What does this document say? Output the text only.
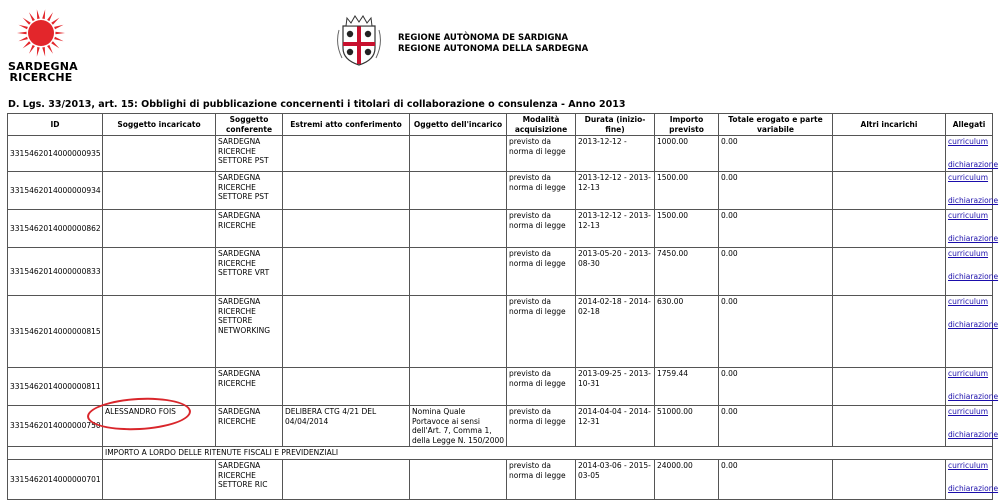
SARDEGNA
RICERCHE
REGIONE AUTÒNOMA DE SARDIGNA
REGIONE AUTONOMA DELLA SARDEGNA
D. Lgs. 33/2013, art. 15: Obblighi di pubblicazione concernenti i titolari di collaborazione o consulenza - Anno 2013
ID	Soggetto incaricato	Soggetto conferente	Estremi atto conferimento	Oggetto dell'incarico	Modalità acquisizione	Durata (inizio-fine)	Importo previsto	Totale erogato e parte variabile	Altri incarichi	Allegati
3315462014000000935		SARDEGNA RICERCHE SETTORE PST			previsto da norma di legge	2013-12-12 -	1000.00	0.00		curriculum
dichiarazione

3315462014000000934		SARDEGNA RICERCHE SETTORE PST			previsto da norma di legge	2013-12-12 - 2013-12-13	1500.00	0.00		curriculum
dichiarazione

3315462014000000862		SARDEGNA RICERCHE			previsto da norma di legge	2013-12-12 - 2013-12-13	1500.00	0.00		curriculum
dichiarazione

3315462014000000833		SARDEGNA RICERCHE SETTORE VRT			previsto da norma di legge	2013-05-20 - 2013-08-30	7450.00	0.00		curriculum
dichiarazione

3315462014000000815		SARDEGNA RICERCHE SETTORE NETWORKING			previsto da norma di legge	2014-02-18 - 2014-02-18	630.00	0.00		curriculum
dichiarazione

3315462014000000811		SARDEGNA RICERCHE			previsto da norma di legge	2013-09-25 - 2013-10-31	1759.44	0.00		curriculum
dichiarazione

3315462014000000750	ALESSANDRO FOIS	SARDEGNA RICERCHE	DELIBERA CTG 4/21 DEL 04/04/2014	Nomina Quale Portavoce ai sensi dell'Art. 7, Comma 1, della Legge N. 150/2000	previsto da norma di legge	2014-04-04 - 2014-12-31	51000.00	0.00		curriculum
dichiarazione

	IMPORTO A LORDO DELLE RITENUTE FISCALI E PREVIDENZIALI									
3315462014000000701		SARDEGNA RICERCHE SETTORE RIC			previsto da norma di legge	2014-03-06 - 2015-03-05	24000.00	0.00		curriculum
dichiarazione
